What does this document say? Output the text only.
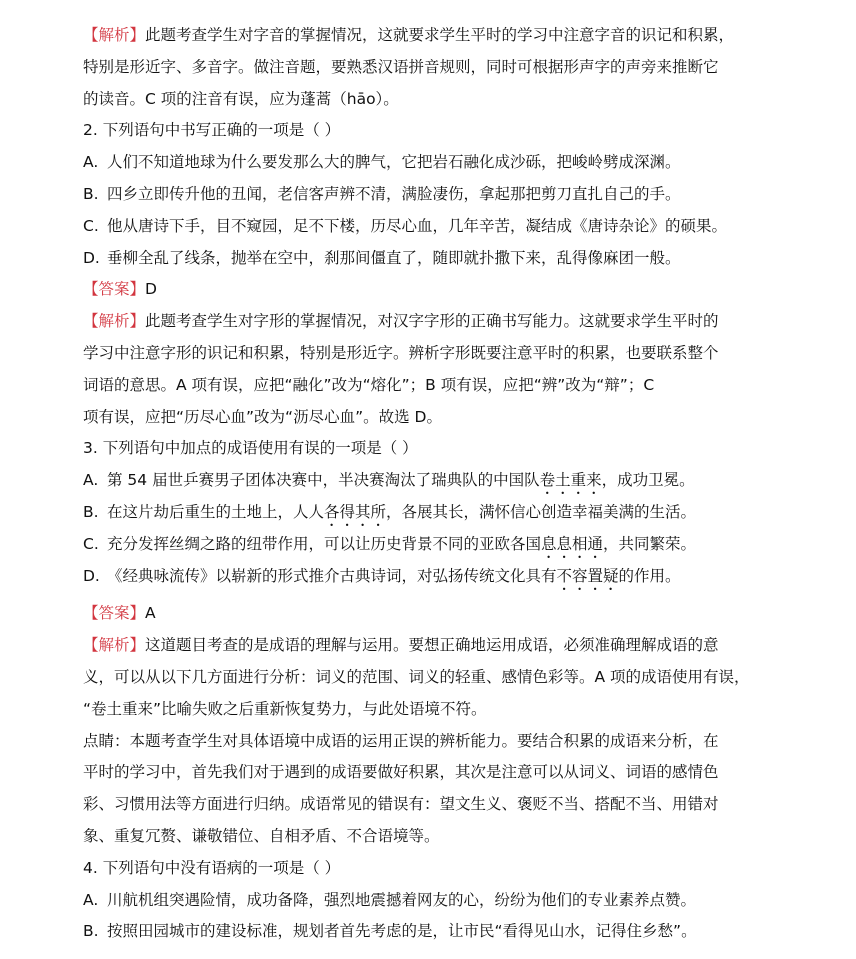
【解析】此题考查学生对字音的掌握情况，这就要求学生平时的学习中注意字音的识记和积累，
特别是形近字、多音字。做注音题，要熟悉汉语拼音规则，同时可根据形声字的声旁来推断它
的读音。C 项的注音有误，应为蓬蒿（hāo）。
2. 下列语句中书写正确的一项是（ ）
A. 人们不知道地球为什么要发那么大的脾气，它把岩石融化成沙砾，把峻岭劈成深渊。
B. 四乡立即传升他的丑闻，老信客声辨不清，满脸凄伤，拿起那把剪刀直扎自己的手。
C. 他从唐诗下手，目不窥园，足不下楼，历尽心血，几年辛苦，凝结成《唐诗杂论》的硕果。
D. 垂柳全乱了线条，抛举在空中，刹那间僵直了，随即就扑撒下来，乱得像麻团一般。
【答案】D
【解析】此题考查学生对字形的掌握情况，对汉字字形的正确书写能力。这就要求学生平时的
学习中注意字形的识记和积累，特别是形近字。辨析字形既要注意平时的积累，也要联系整个
词语的意思。A 项有误，应把“融化”改为“熔化”；B 项有误，应把“辨”改为“辩”；C
项有误，应把“历尽心血”改为“沥尽心血”。故选 D。
3. 下列语句中加点的成语使用有误的一项是（ ）
A. 第 54 届世乒赛男子团体决赛中，半决赛淘汰了瑞典队的中国队卷土重来，成功卫冕。
B. 在这片劫后重生的土地上，人人各得其所，各展其长，满怀信心创造幸福美满的生活。
C. 充分发挥丝绸之路的纽带作用，可以让历史背景不同的亚欧各国息息相通，共同繁荣。
D. 《经典咏流传》以崭新的形式推介古典诗词，对弘扬传统文化具有不容置疑的作用。
【答案】A
【解析】这道题目考查的是成语的理解与运用。要想正确地运用成语，必须准确理解成语的意
义，可以从以下几方面进行分析：词义的范围、词义的轻重、感情色彩等。A 项的成语使用有误，
“卷土重来”比喻失败之后重新恢复势力，与此处语境不符。
点睛：本题考查学生对具体语境中成语的运用正误的辨析能力。要结合积累的成语来分析，在
平时的学习中，首先我们对于遇到的成语要做好积累，其次是注意可以从词义、词语的感情色
彩、习惯用法等方面进行归纳。成语常见的错误有：望文生义、褒贬不当、搭配不当、用错对
象、重复冗赘、谦敬错位、自相矛盾、不合语境等。
4. 下列语句中没有语病的一项是（ ）
A. 川航机组突遇险情，成功备降，强烈地震撼着网友的心，纷纷为他们的专业素养点赞。
B. 按照田园城市的建设标准，规划者首先考虑的是，让市民“看得见山水，记得住乡愁”。
